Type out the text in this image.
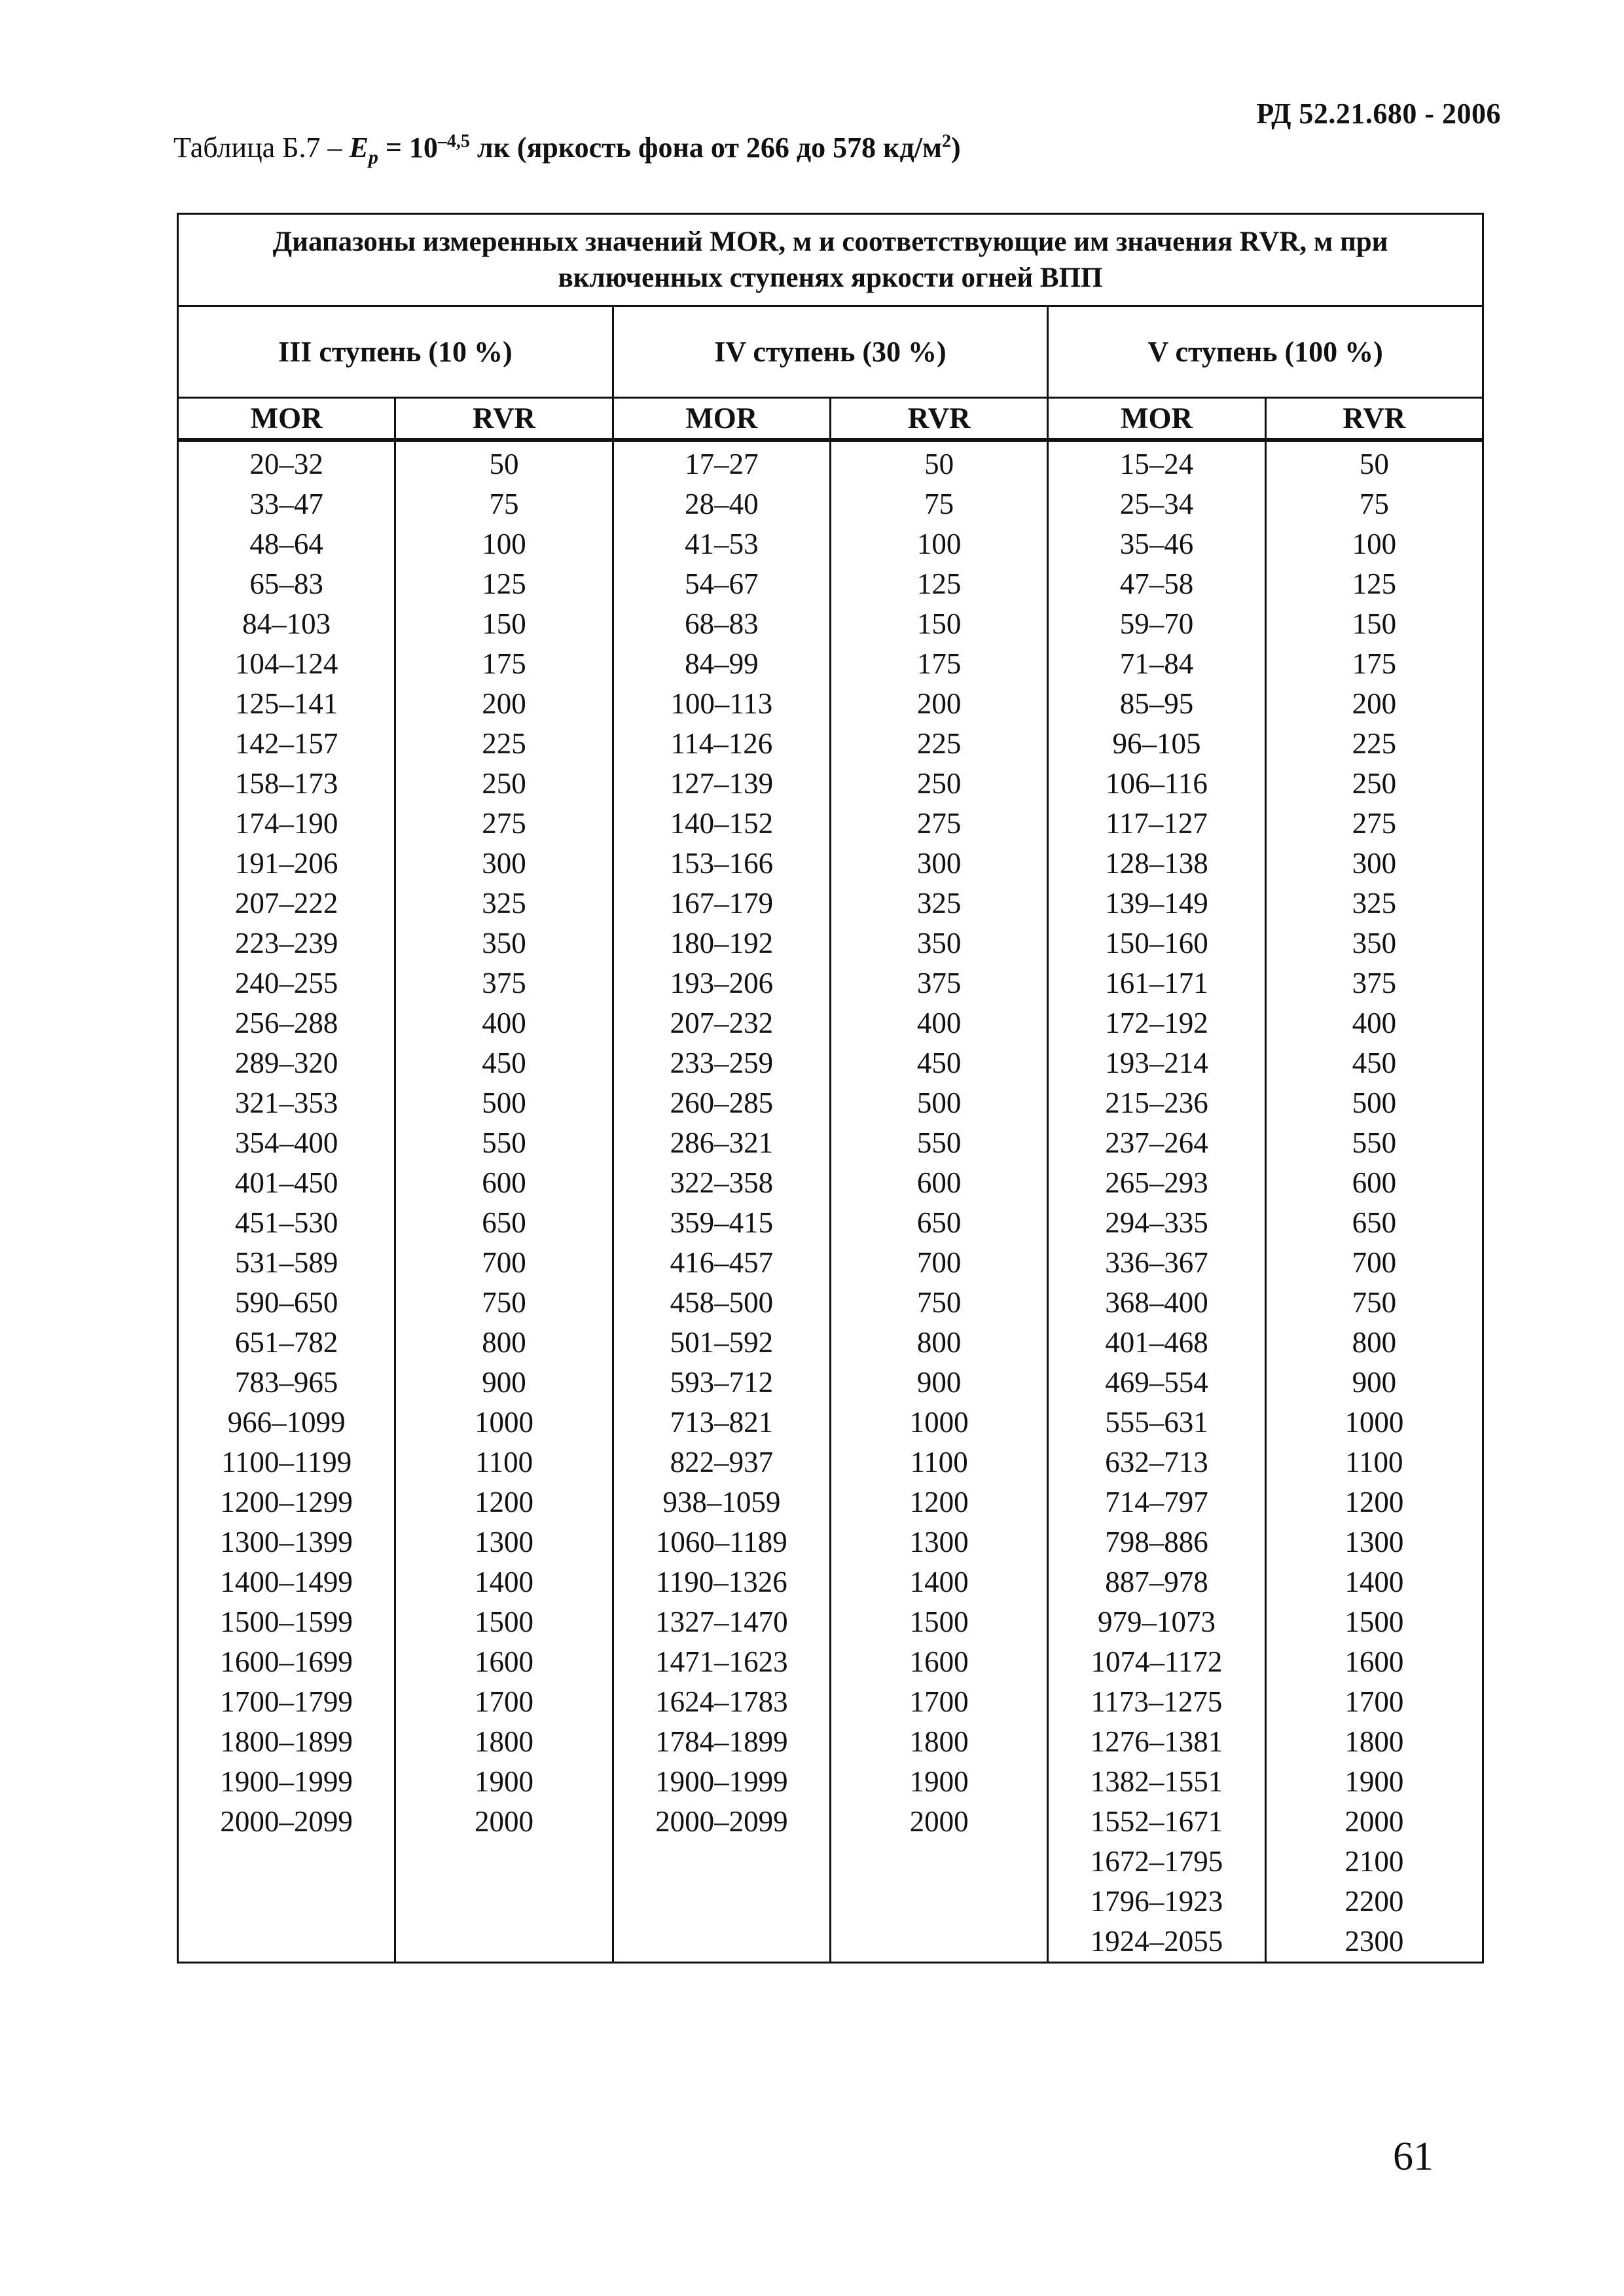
РД 52.21.680 - 2006
Таблица $Б.7 - E_p = 10^{-4,5}$ лк (яркость фона от 266 до 578 $кд/м^2$)
Диапазоны измеренных значений MOR, м и соответствующие им значения RVR, м при включенных ступенях яркости огней ВПП					

III ступень (10 %)		IV ступень (30 %)		V ступень (100 %)	
MOR	RVR	MOR	RVR	MOR	RVR
20–32	50	17–27	50	15–24	50
33–47	75	28–40	75	25–34	75
48–64	100	41–53	100	35–46	100
65–83	125	54–67	125	47–58	125
84–103	150	68–83	150	59–70	150
104–124	175	84–99	175	71–84	175
125–141	200	100–113	200	85–95	200
142–157	225	114–126	225	96–105	225
158–173	250	127–139	250	106–116	250
174–190	275	140–152	275	117–127	275
191–206	300	153–166	300	128–138	300
207–222	325	167–179	325	139–149	325
223–239	350	180–192	350	150–160	350
240–255	375	193–206	375	161–171	375
256–288	400	207–232	400	172–192	400
289–320	450	233–259	450	193–214	450
321–353	500	260–285	500	215–236	500
354–400	550	286–321	550	237–264	550
401–450	600	322–358	600	265–293	600
451–530	650	359–415	650	294–335	650
531–589	700	416–457	700	336–367	700
590–650	750	458–500	750	368–400	750
651–782	800	501–592	800	401–468	800
783–965	900	593–712	900	469–554	900
966–1099	1000	713–821	1000	555–631	1000
1100–1199	1100	822–937	1100	632–713	1100
1200–1299	1200	938–1059	1200	714–797	1200
1300–1399	1300	1060–1189	1300	798–886	1300
1400–1499	1400	1190–1326	1400	887–978	1400
1500–1599	1500	1327–1470	1500	979–1073	1500
1600–1699	1600	1471–1623	1600	1074–1172	1600
1700–1799	1700	1624–1783	1700	1173–1275	1700
1800–1899	1800	1784–1899	1800	1276–1381	1800
1900–1999	1900	1900–1999	1900	1382–1551	1900
2000–2099	2000	2000–2099	2000	1552–1671	2000
				1672–1795	2100
				1796–1923	2200
				1924–2055	2300
61
